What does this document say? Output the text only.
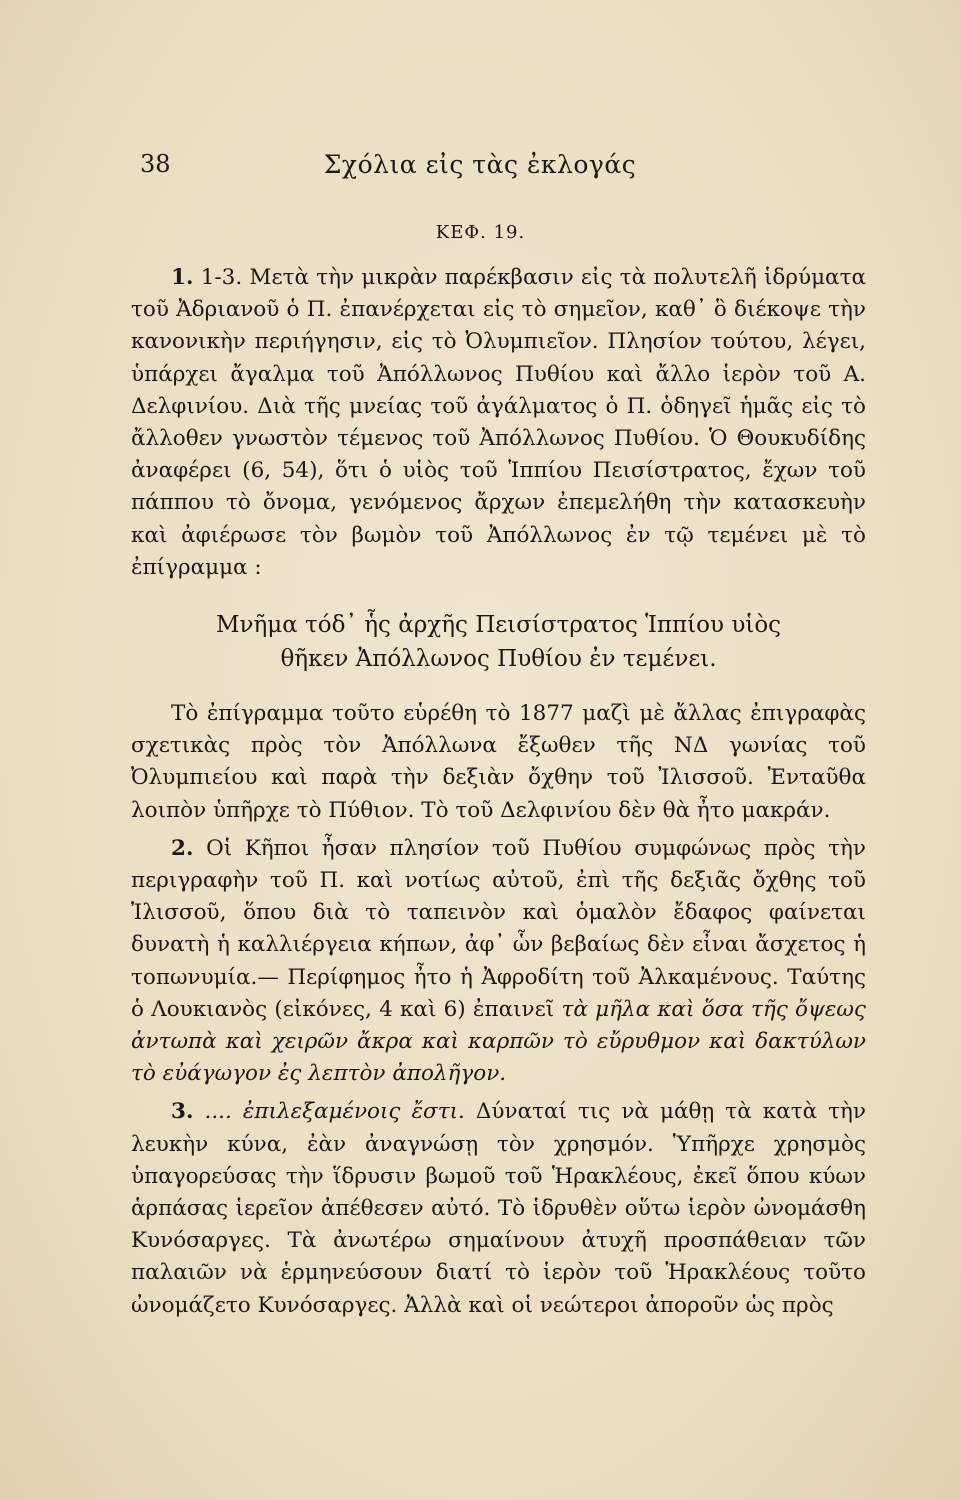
38	Σχόλια εἰς τὰς ἐκλογάς
ΚΕΦ. 19.

1. 1-3. Μετὰ τὴν μικρὰν παρέκβασιν εἰς τὰ πολυτελῆ ἱδρύματα τοῦ Ἀδριανοῦ ὁ Π. ἐπανέρχεται εἰς τὸ σημεῖον, καθ᾿ ὃ διέκοψε τὴν κανονικὴν περιήγησιν, εἰς τὸ Ὀλυμπιεῖον. Πλησίον τούτου, λέγει, ὑπάρχει ἄγαλμα τοῦ Ἀπόλλωνος Πυθίου καὶ ἄλλο ἱερὸν τοῦ Α. Δελφινίου. Διὰ τῆς μνείας τοῦ ἀγάλματος ὁ Π. ὁδηγεῖ ἡμᾶς εἰς τὸ ἄλλοθεν γνωστὸν τέμενος τοῦ Ἀπόλλωνος Πυθίου. Ὁ Θουκυδίδης ἀναφέρει (6, 54), ὅτι ὁ υἱὸς τοῦ Ἱππίου Πεισίστρατος, ἔχων τοῦ πάππου τὸ ὄνομα, γενόμενος ἄρχων ἐπεμελήθη τὴν κατασκευὴν καὶ ἀφιέρωσε τὸν βωμὸν τοῦ Ἀπόλλωνος ἐν τῷ τεμένει μὲ τὸ ἐπίγραμμα :

Μνῆμα τόδ᾿ ἧς ἀρχῆς Πεισίστρατος Ἱππίου υἱὸς
θῆκεν Ἀπόλλωνος Πυθίου ἐν τεμένει.

Τὸ ἐπίγραμμα τοῦτο εὑρέθη τὸ 1877 μαζὶ μὲ ἄλλας ἐπιγραφὰς σχετικὰς πρὸς τὸν Ἀπόλλωνα ἔξωθεν τῆς ΝΔ γωνίας τοῦ Ὀλυμπιείου καὶ παρὰ τὴν δεξιὰν ὄχθην τοῦ Ἰλισσοῦ. Ἐνταῦθα λοιπὸν ὑπῆρχε τὸ Πύθιον. Τὸ τοῦ Δελφινίου δὲν θὰ ἦτο μακράν.

2. Οἱ Κῆποι ἦσαν πλησίον τοῦ Πυθίου συμφώνως πρὸς τὴν περιγραφὴν τοῦ Π. καὶ νοτίως αὐτοῦ, ἐπὶ τῆς δεξιᾶς ὄχθης τοῦ Ἰλισσοῦ, ὅπου διὰ τὸ ταπεινὸν καὶ ὁμαλὸν ἔδαφος φαίνεται δυνατὴ ἡ καλλιέργεια κήπων, ἀφ᾿ ὧν βεβαίως δὲν εἶναι ἄσχετος ἡ τοπωνυμία.— Περίφημος ἦτο ἡ Ἀφροδίτη τοῦ Ἀλκαμένους. Ταύτης ὁ Λουκιανὸς (εἰκόνες, 4 καὶ 6) ἐπαινεῖ τὰ μῆλα καὶ ὅσα τῆς ὄψεως ἀντωπὰ καὶ χειρῶν ἄκρα καὶ καρπῶν τὸ εὔρυθμον καὶ δακτύλων τὸ εὐάγωγον ἐς λεπτὸν ἀπολῆγον.

3. .... ἐπιλεξαμένοις ἔστι. Δύναταί τις νὰ μάθῃ τὰ κατὰ τὴν λευκὴν κύνα, ἐὰν ἀναγνώσῃ τὸν χρησμόν. Ὑπῆρχε χρησμὸς ὑπαγορεύσας τὴν ἵδρυσιν βωμοῦ τοῦ Ἡρακλέους, ἐκεῖ ὅπου κύων ἁρπάσας ἱερεῖον ἀπέθεσεν αὐτό. Τὸ ἱδρυθὲν οὕτω ἱερὸν ὠνομάσθη Κυνόσαργες. Τὰ ἀνωτέρω σημαίνουν ἀτυχῆ προσπάθειαν τῶν παλαιῶν νὰ ἑρμηνεύσουν διατί τὸ ἱερὸν τοῦ Ἡρακλέους τοῦτο ὠνομάζετο Κυνόσαργες. Ἀλλὰ καὶ οἱ νεώτεροι ἀποροῦν ὡς πρὸς
